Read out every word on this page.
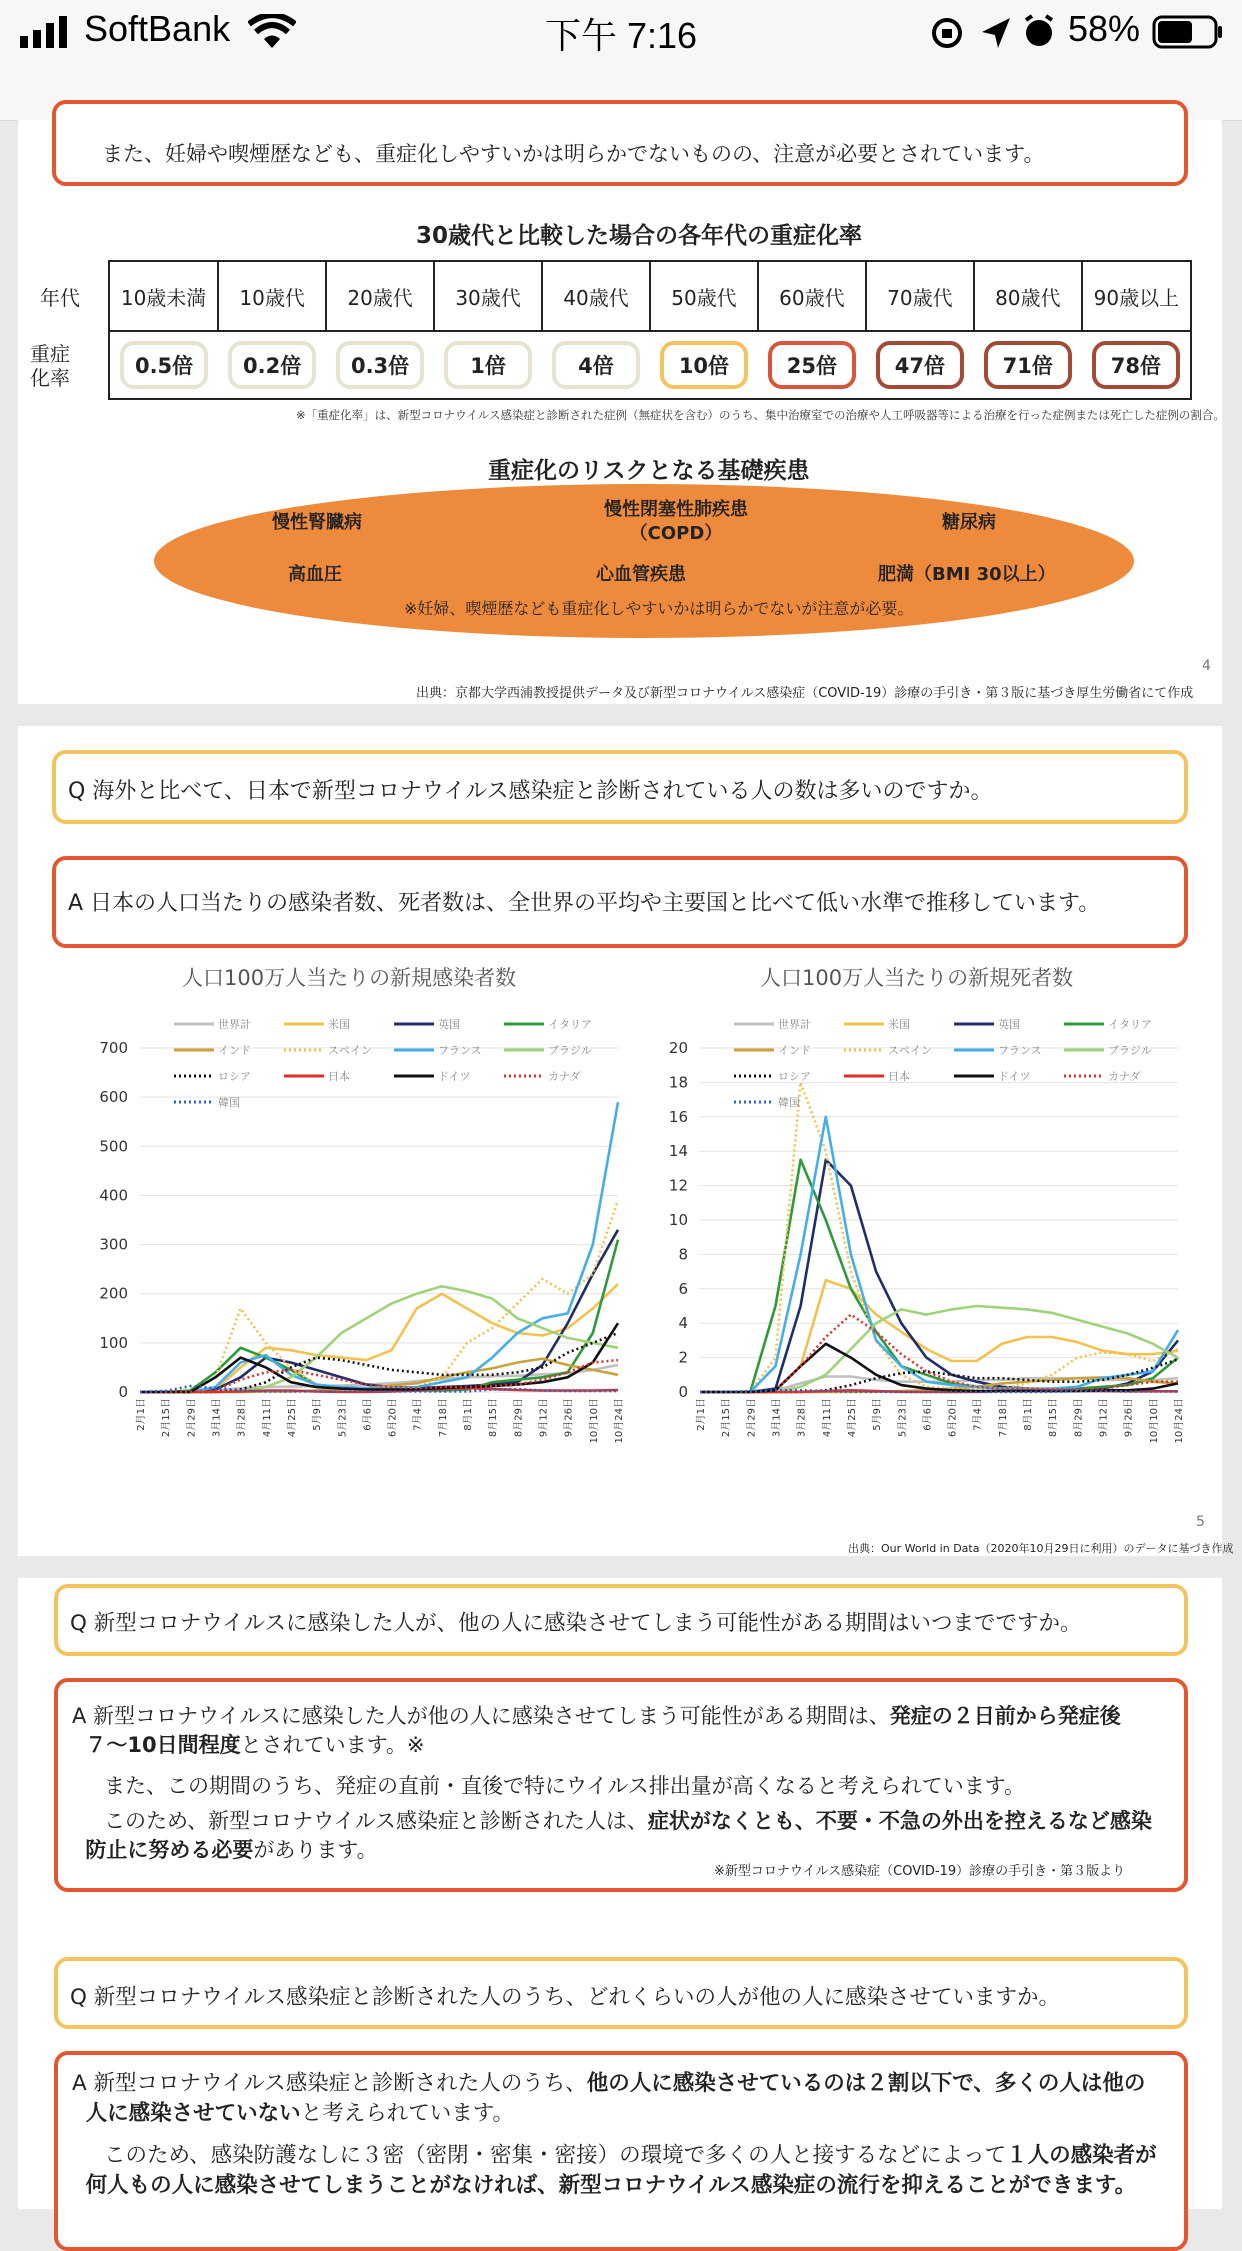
SoftBank	下午 7:16	58%
また、妊婦や喫煙歴なども、重症化しやすいかは明らかでないものの、注意が必要とされています。
30歳代と比較した場合の各年代の重症化率
年代
重症化率
10歳未満	10歳代	20歳代	30歳代	40歳代	50歳代	60歳代	70歳代	80歳代	90歳以上
0.5倍	0.2倍	0.3倍	1倍	4倍	10倍	25倍	47倍	71倍	78倍
※「重症化率」は、新型コロナウイルス感染症と診断された症例（無症状を含む）のうち、集中治療室での治療や人工呼吸器等による治療を行った症例または死亡した症例の割合。
重症化のリスクとなる基礎疾患
慢性腎臓病
慢性閉塞性肺疾患（COPD）
糖尿病
高血圧	心血管疾患	肥満（BMI 30以上）
※妊婦、喫煙歴なども重症化しやすいかは明らかでないが注意が必要。
4
出典：京都大学西浦教授提供データ及び新型コロナウイルス感染症（COVID-19）診療の手引き・第３版に基づき厚生労働省にて作成
Q 海外と比べて、日本で新型コロナウイルス感染症と診断されている人の数は多いのですか。
A 日本の人口当たりの感染者数、死者数は、全世界の平均や主要国と比べて低い水準で推移しています。
人口100万人当たりの新規感染者数	人口100万人当たりの新規死者数
700
600
500
400
300
200
100
0
2月1日 2月15日 2月29日 3月14日 3月28日 4月11日 4月25日 5月9日 5月23日 6月6日 6月20日 7月4日 7月18日 8月1日 8月15日 8月29日 9月12日 9月26日 10月10日 10月24日
世界計	米国	英国	イタリア
インド	スペイン	フランス	ブラジル
ロシア	日本	ドイツ	カナダ
韓国
20
18
16
14
12
10
8
6
4
2
0
2月1日 2月15日 2月29日 3月14日 3月28日 4月11日 4月25日 5月9日 5月23日 6月6日 6月20日 7月4日 7月18日 8月1日 8月15日 8月29日 9月12日 9月26日 10月10日 10月24日
世界計	米国	英国	イタリア
インド	スペイン	フランス	ブラジル
ロシア	日本	ドイツ	カナダ
韓国
5
出典：Our World in Data（2020年10月29日に利用）のデータに基づき作成
Q 新型コロナウイルスに感染した人が、他の人に感染させてしまう可能性がある期間はいつまでですか。
A 新型コロナウイルスに感染した人が他の人に感染させてしまう可能性がある期間は、発症の２日前から発症後
７～10日間程度とされています。※
また、この期間のうち、発症の直前・直後で特にウイルス排出量が高くなると考えられています。
このため、新型コロナウイルス感染症と診断された人は、症状がなくとも、不要・不急の外出を控えるなど感染
防止に努める必要があります。
※新型コロナウイルス感染症（COVID-19）診療の手引き・第３版より
Q 新型コロナウイルス感染症と診断された人のうち、どれくらいの人が他の人に感染させていますか。
A 新型コロナウイルス感染症と診断された人のうち、他の人に感染させているのは２割以下で、多くの人は他の
人に感染させていないと考えられています。
このため、感染防護なしに３密（密閉・密集・密接）の環境で多くの人と接するなどによって１人の感染者が
何人もの人に感染させてしまうことがなければ、新型コロナウイルス感染症の流行を抑えることができます。
